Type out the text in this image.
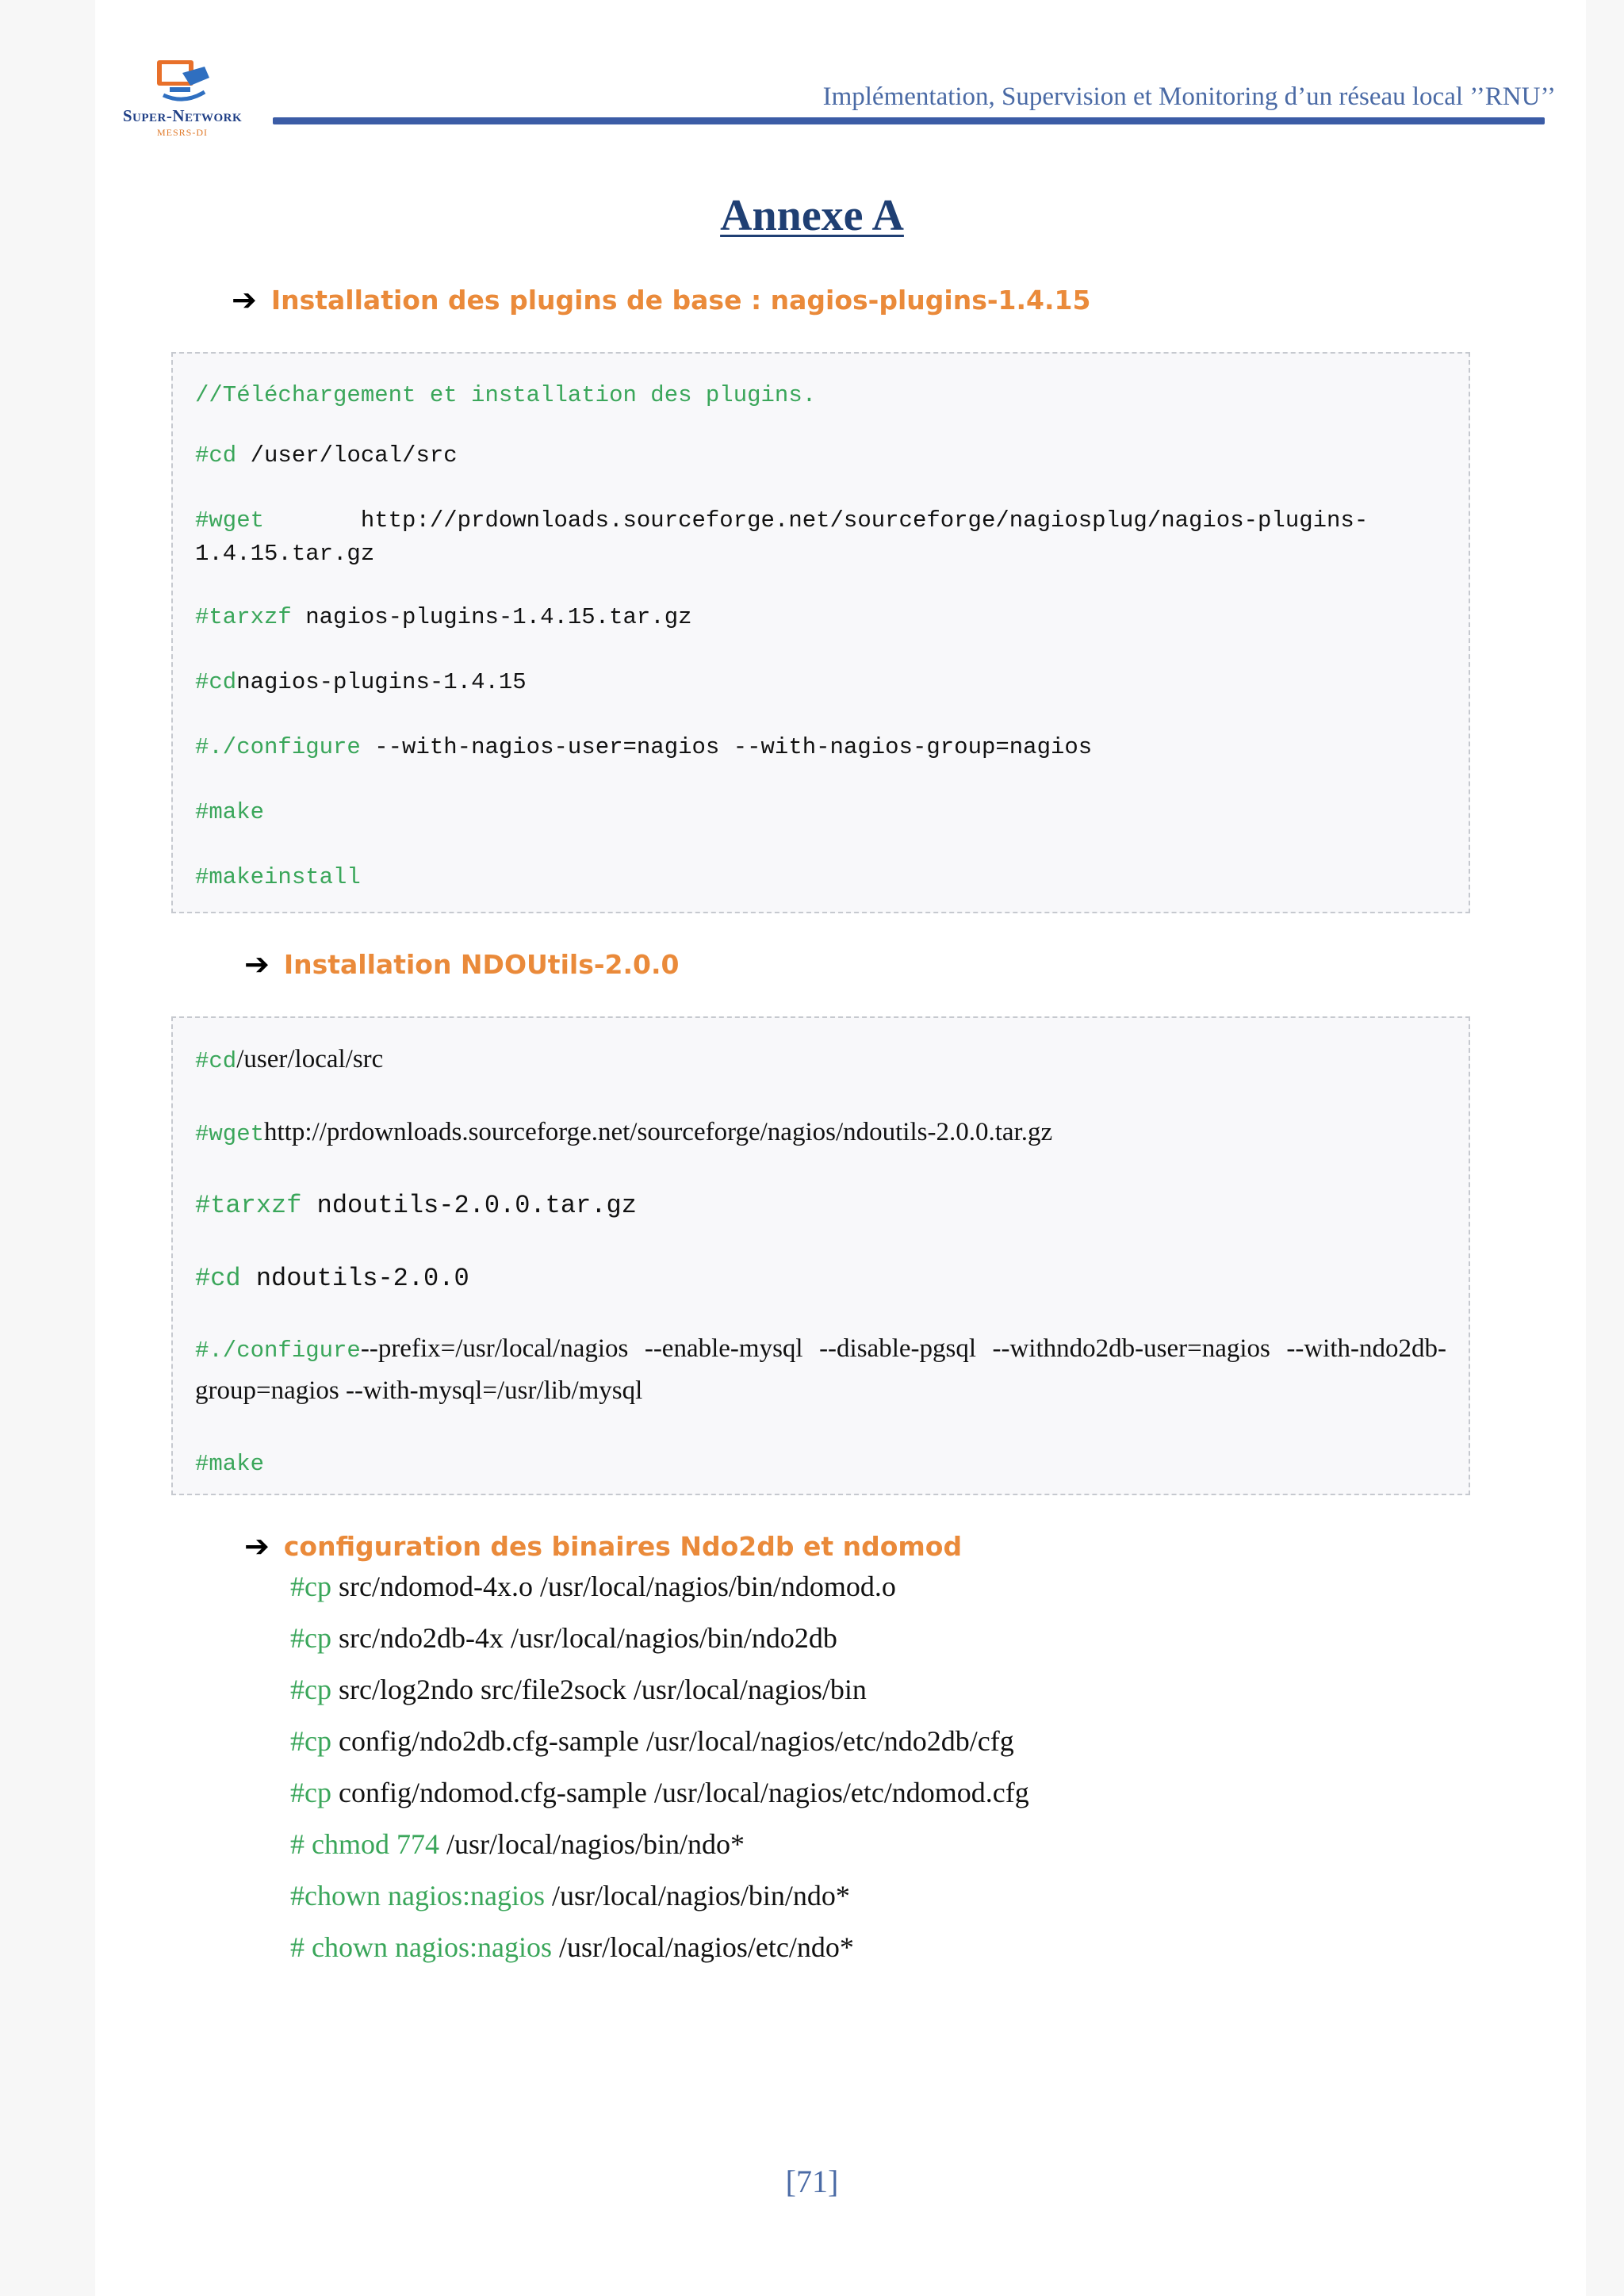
Super-Network
MESRS-DI
Implémentation, Supervision et Monitoring d’un réseau local ’’RNU’’
Annexe A
➔ Installation des plugins de base : nagios-plugins-1.4.15
//Téléchargement et installation des plugins.
#cd /user/local/src
#wget       http://prdownloads.sourceforge.net/sourceforge/nagiosplug/nagios-plugins-
1.4.15.tar.gz
#tarxzf nagios-plugins-1.4.15.tar.gz
#cdnagios-plugins-1.4.15
#./configure --with-nagios-user=nagios --with-nagios-group=nagios
#make
#makeinstall
➔ Installation NDOUtils-2.0.0
#cd/user/local/src
#wgethttp://prdownloads.sourceforge.net/sourceforge/nagios/ndoutils-2.0.0.tar.gz
#tarxzf ndoutils-2.0.0.tar.gz
#cd ndoutils-2.0.0
#./configure--prefix=/usr/local/nagios --enable-mysql --disable-pgsql --withndo2db-user=nagios --with-ndo2db-group=nagios --with-mysql=/usr/lib/mysql
#make
➔ configuration des binaires Ndo2db et ndomod
#cp src/ndomod-4x.o /usr/local/nagios/bin/ndomod.o
#cp src/ndo2db-4x /usr/local/nagios/bin/ndo2db
#cp src/log2ndo src/file2sock /usr/local/nagios/bin
#cp config/ndo2db.cfg-sample /usr/local/nagios/etc/ndo2db/cfg
#cp config/ndomod.cfg-sample /usr/local/nagios/etc/ndomod.cfg
# chmod 774 /usr/local/nagios/bin/ndo*
#chown nagios:nagios /usr/local/nagios/bin/ndo*
# chown nagios:nagios /usr/local/nagios/etc/ndo*
[71]
